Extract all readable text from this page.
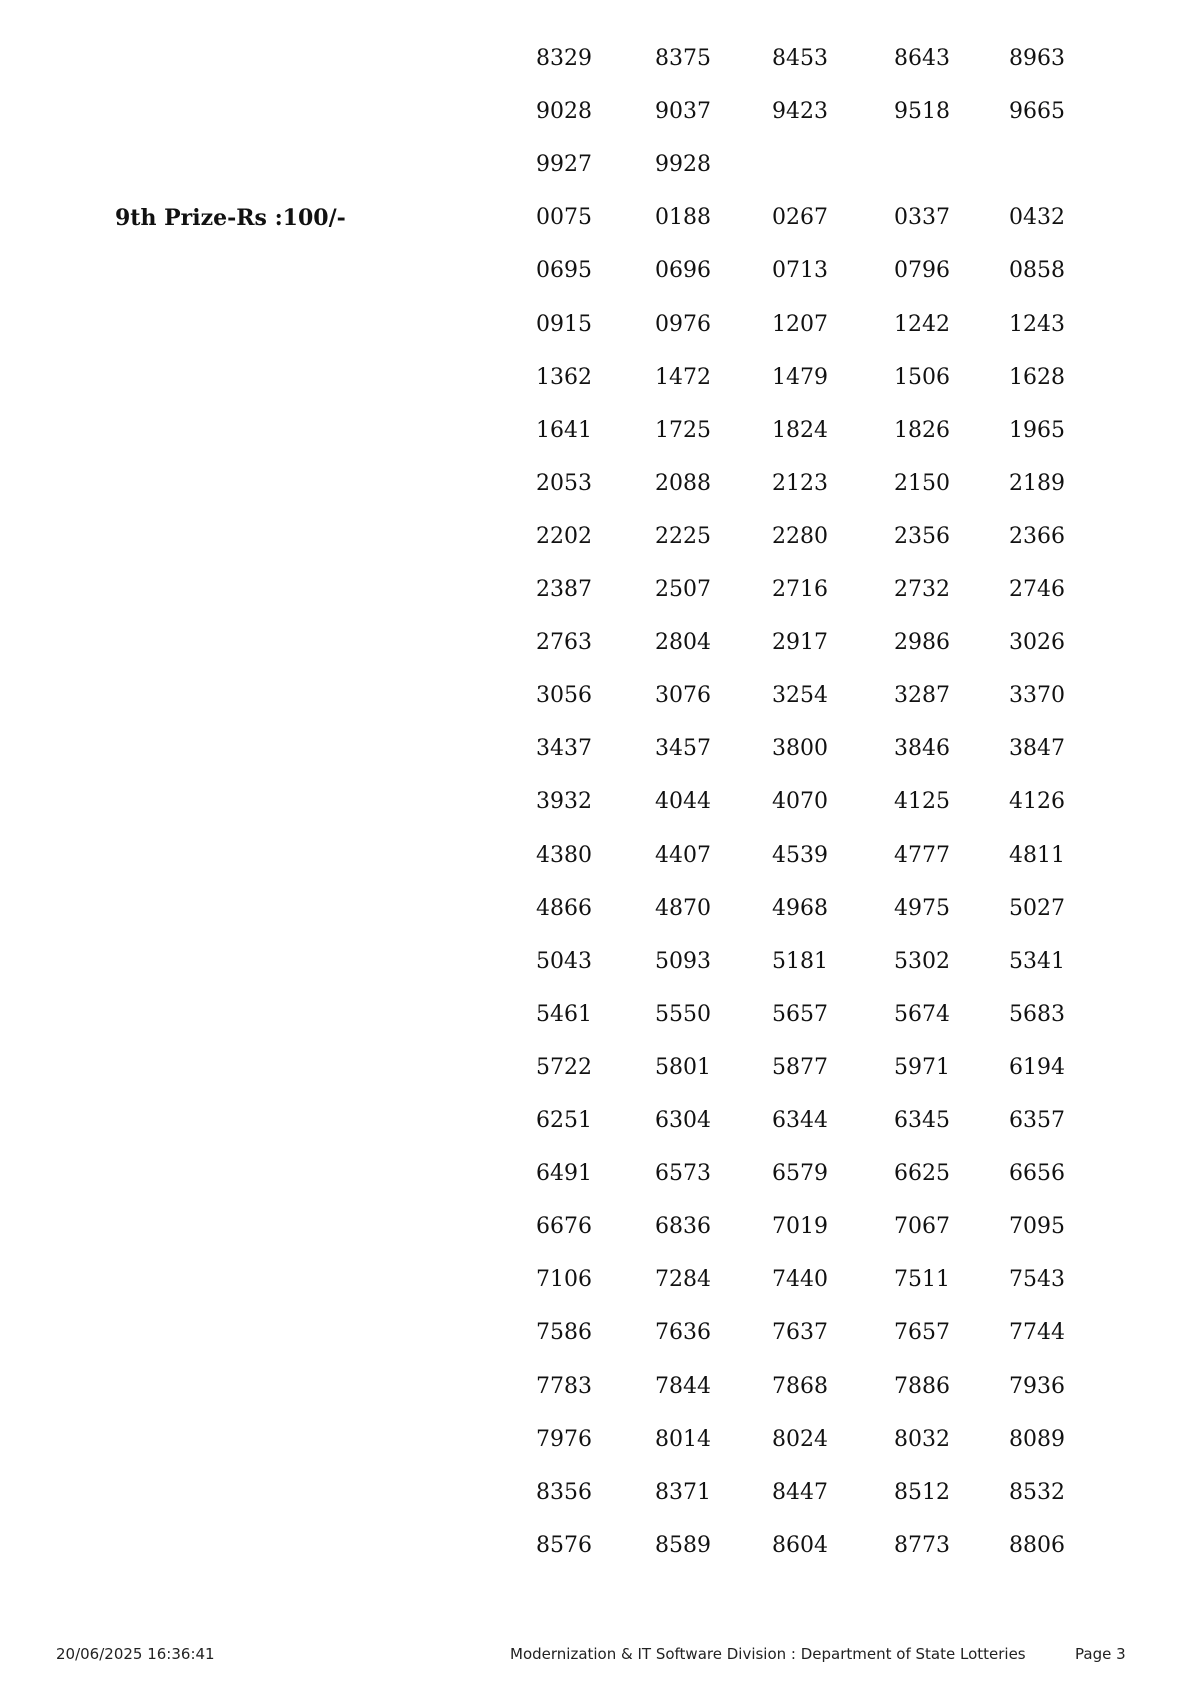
9th Prize-Rs :100/-
8329	8375	8453	8643	8963
9028	9037	9423	9518	9665
9927	9928
0075	0188	0267	0337	0432
0695	0696	0713	0796	0858
0915	0976	1207	1242	1243
1362	1472	1479	1506	1628
1641	1725	1824	1826	1965
2053	2088	2123	2150	2189
2202	2225	2280	2356	2366
2387	2507	2716	2732	2746
2763	2804	2917	2986	3026
3056	3076	3254	3287	3370
3437	3457	3800	3846	3847
3932	4044	4070	4125	4126
4380	4407	4539	4777	4811
4866	4870	4968	4975	5027
5043	5093	5181	5302	5341
5461	5550	5657	5674	5683
5722	5801	5877	5971	6194
6251	6304	6344	6345	6357
6491	6573	6579	6625	6656
6676	6836	7019	7067	7095
7106	7284	7440	7511	7543
7586	7636	7637	7657	7744
7783	7844	7868	7886	7936
7976	8014	8024	8032	8089
8356	8371	8447	8512	8532
8576	8589	8604	8773	8806
20/06/2025 16:36:41	Modernization & IT Software Division : Department of State Lotteries	Page 3
